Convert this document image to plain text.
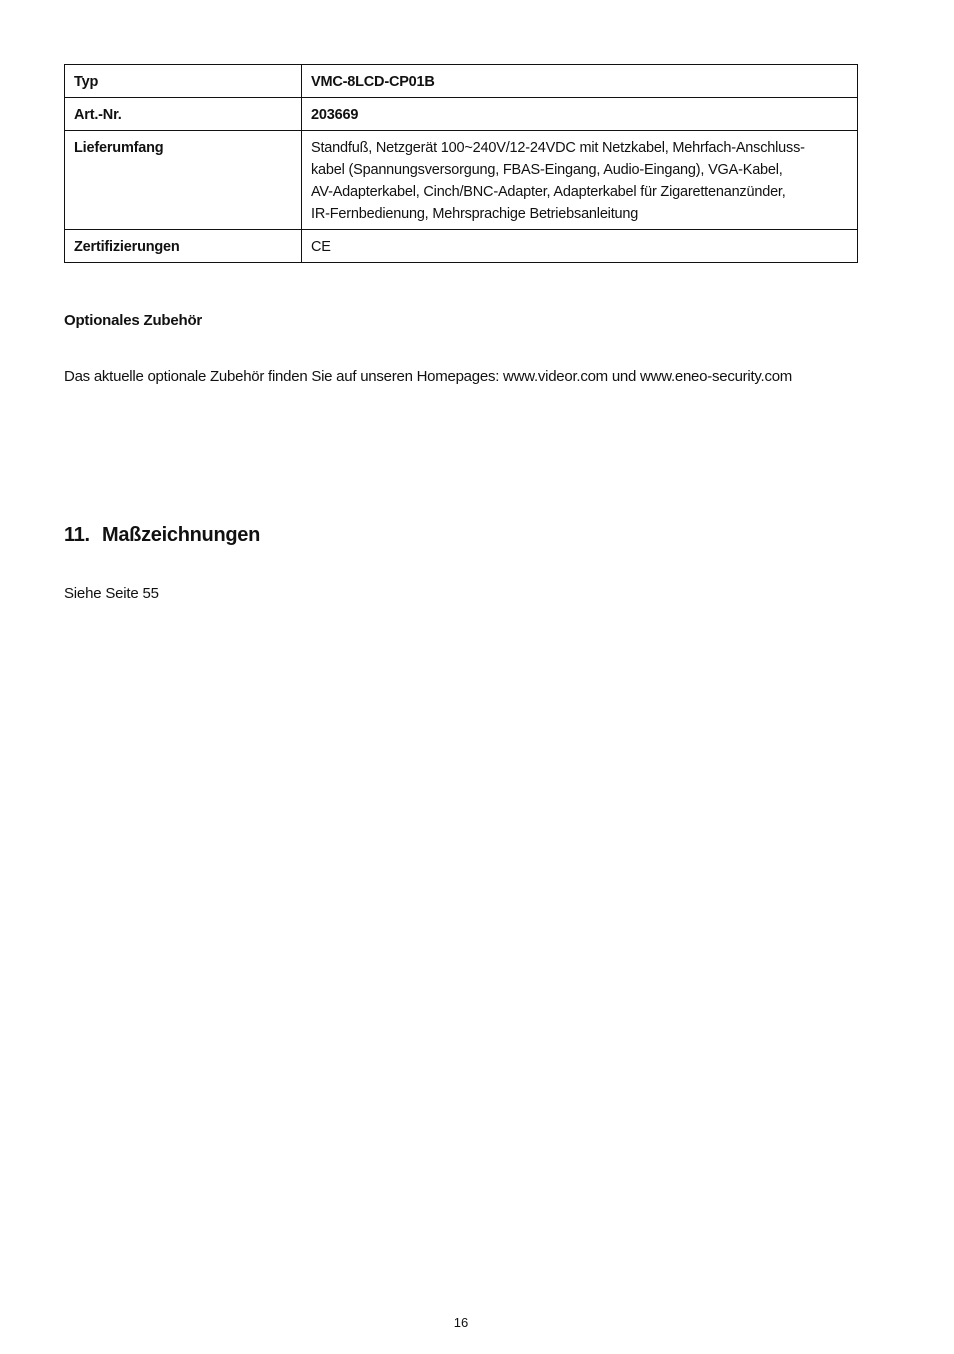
Typ	VMC-8LCD-CP01B
Art.-Nr.	203669
Lieferumfang	Standfuß, Netzgerät 100~240V/12-24VDC mit Netzkabel, Mehrfach-Anschluss-
kabel (Spannungsversorgung, FBAS-Eingang, Audio-Eingang), VGA-Kabel,
AV-Adapterkabel, Cinch/BNC-Adapter, Adapterkabel für Zigarettenanzünder,
IR-Fernbedienung, Mehrsprachige Betriebsanleitung

Zertifizierungen	CE
Optionales Zubehör
Das aktuelle optionale Zubehör finden Sie auf unseren Homepages: www.videor.com und www.eneo-security.com
11. Maßzeichnungen
Siehe Seite 55
16
